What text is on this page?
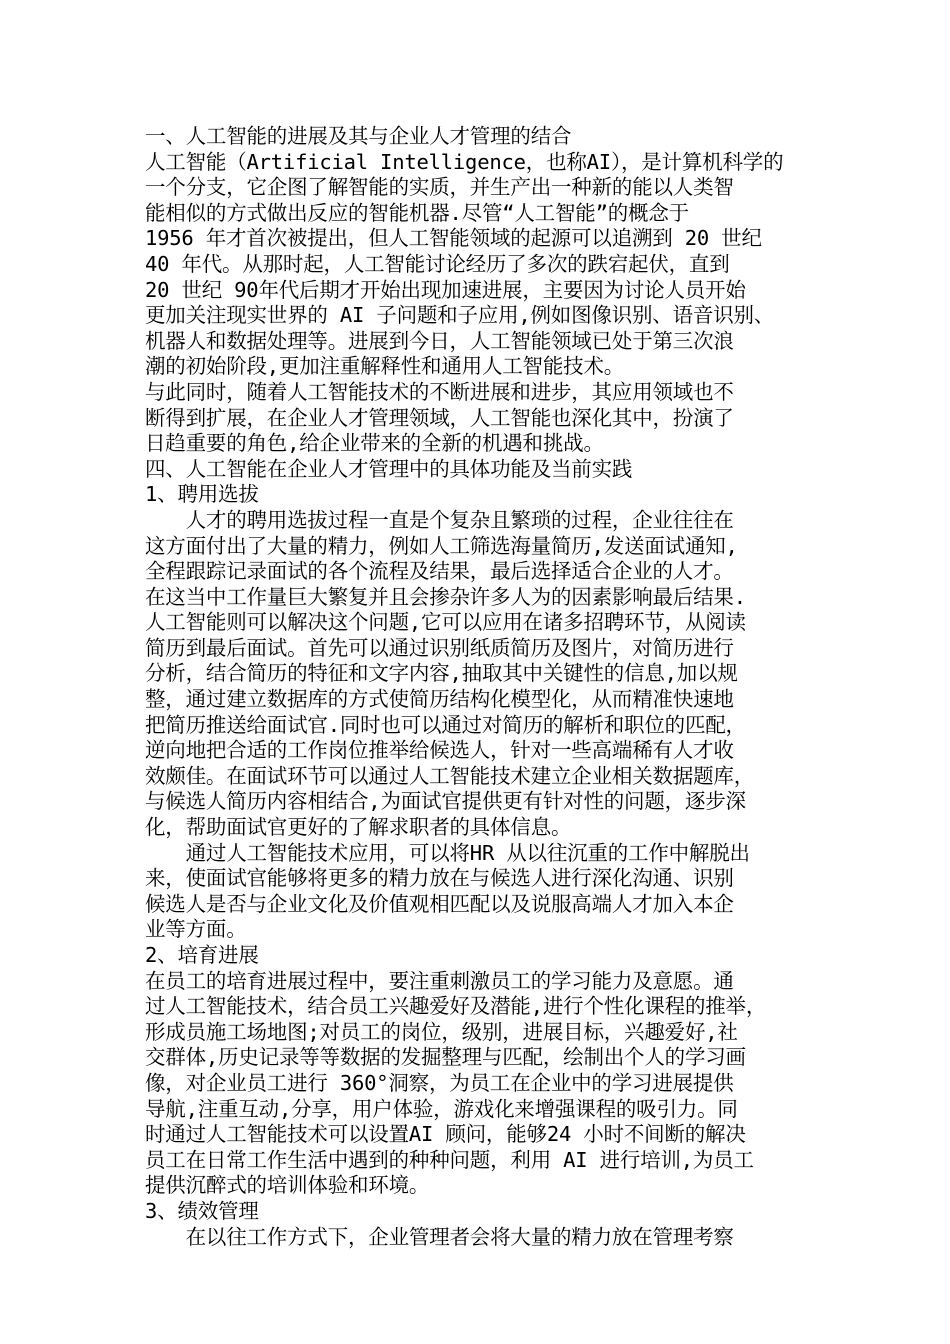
一、人工智能的进展及其与企业人才管理的结合
人工智能（Artificial Intelligence，也称AI），是计算机科学的
一个分支，它企图了解智能的实质，并生产出一种新的能以人类智
能相似的方式做出反应的智能机器.尽管“人工智能”的概念于
1956 年才首次被提出，但人工智能领域的起源可以追溯到 20 世纪
40 年代。从那时起，人工智能讨论经历了多次的跌宕起伏，直到
20 世纪 90年代后期才开始出现加速进展，主要因为讨论人员开始
更加关注现实世界的 AI 子问题和子应用,例如图像识别、语音识别、
机器人和数据处理等。进展到今日，人工智能领域已处于第三次浪
潮的初始阶段,更加注重解释性和通用人工智能技术。
与此同时，随着人工智能技术的不断进展和进步，其应用领域也不
断得到扩展，在企业人才管理领域，人工智能也深化其中，扮演了
日趋重要的角色,给企业带来的全新的机遇和挑战。
四、人工智能在企业人才管理中的具体功能及当前实践
1、聘用选拔
　　人才的聘用选拔过程一直是个复杂且繁琐的过程，企业往往在
这方面付出了大量的精力，例如人工筛选海量简历,发送面试通知,
全程跟踪记录面试的各个流程及结果，最后选择适合企业的人才。
在这当中工作量巨大繁复并且会掺杂许多人为的因素影响最后结果.
人工智能则可以解决这个问题,它可以应用在诸多招聘环节，从阅读
简历到最后面试。首先可以通过识别纸质简历及图片，对简历进行
分析，结合简历的特征和文字内容,抽取其中关键性的信息,加以规
整，通过建立数据库的方式使简历结构化模型化，从而精准快速地
把简历推送给面试官.同时也可以通过对简历的解析和职位的匹配，
逆向地把合适的工作岗位推举给候选人，针对一些高端稀有人才收
效颇佳。在面试环节可以通过人工智能技术建立企业相关数据题库，
与候选人简历内容相结合,为面试官提供更有针对性的问题，逐步深
化，帮助面试官更好的了解求职者的具体信息。
　　通过人工智能技术应用，可以将HR 从以往沉重的工作中解脱出
来，使面试官能够将更多的精力放在与候选人进行深化沟通、识别
候选人是否与企业文化及价值观相匹配以及说服高端人才加入本企
业等方面。
2、培育进展
在员工的培育进展过程中，要注重刺激员工的学习能力及意愿。通
过人工智能技术，结合员工兴趣爱好及潜能,进行个性化课程的推举，
形成员施工场地图;对员工的岗位，级别，进展目标，兴趣爱好,社
交群体,历史记录等等数据的发掘整理与匹配，绘制出个人的学习画
像，对企业员工进行 360°洞察，为员工在企业中的学习进展提供
导航,注重互动,分享，用户体验，游戏化来增强课程的吸引力。同
时通过人工智能技术可以设置AI 顾问，能够24 小时不间断的解决
员工在日常工作生活中遇到的种种问题，利用 AI 进行培训,为员工
提供沉醉式的培训体验和环境。
3、绩效管理
　　在以往工作方式下，企业管理者会将大量的精力放在管理考察
